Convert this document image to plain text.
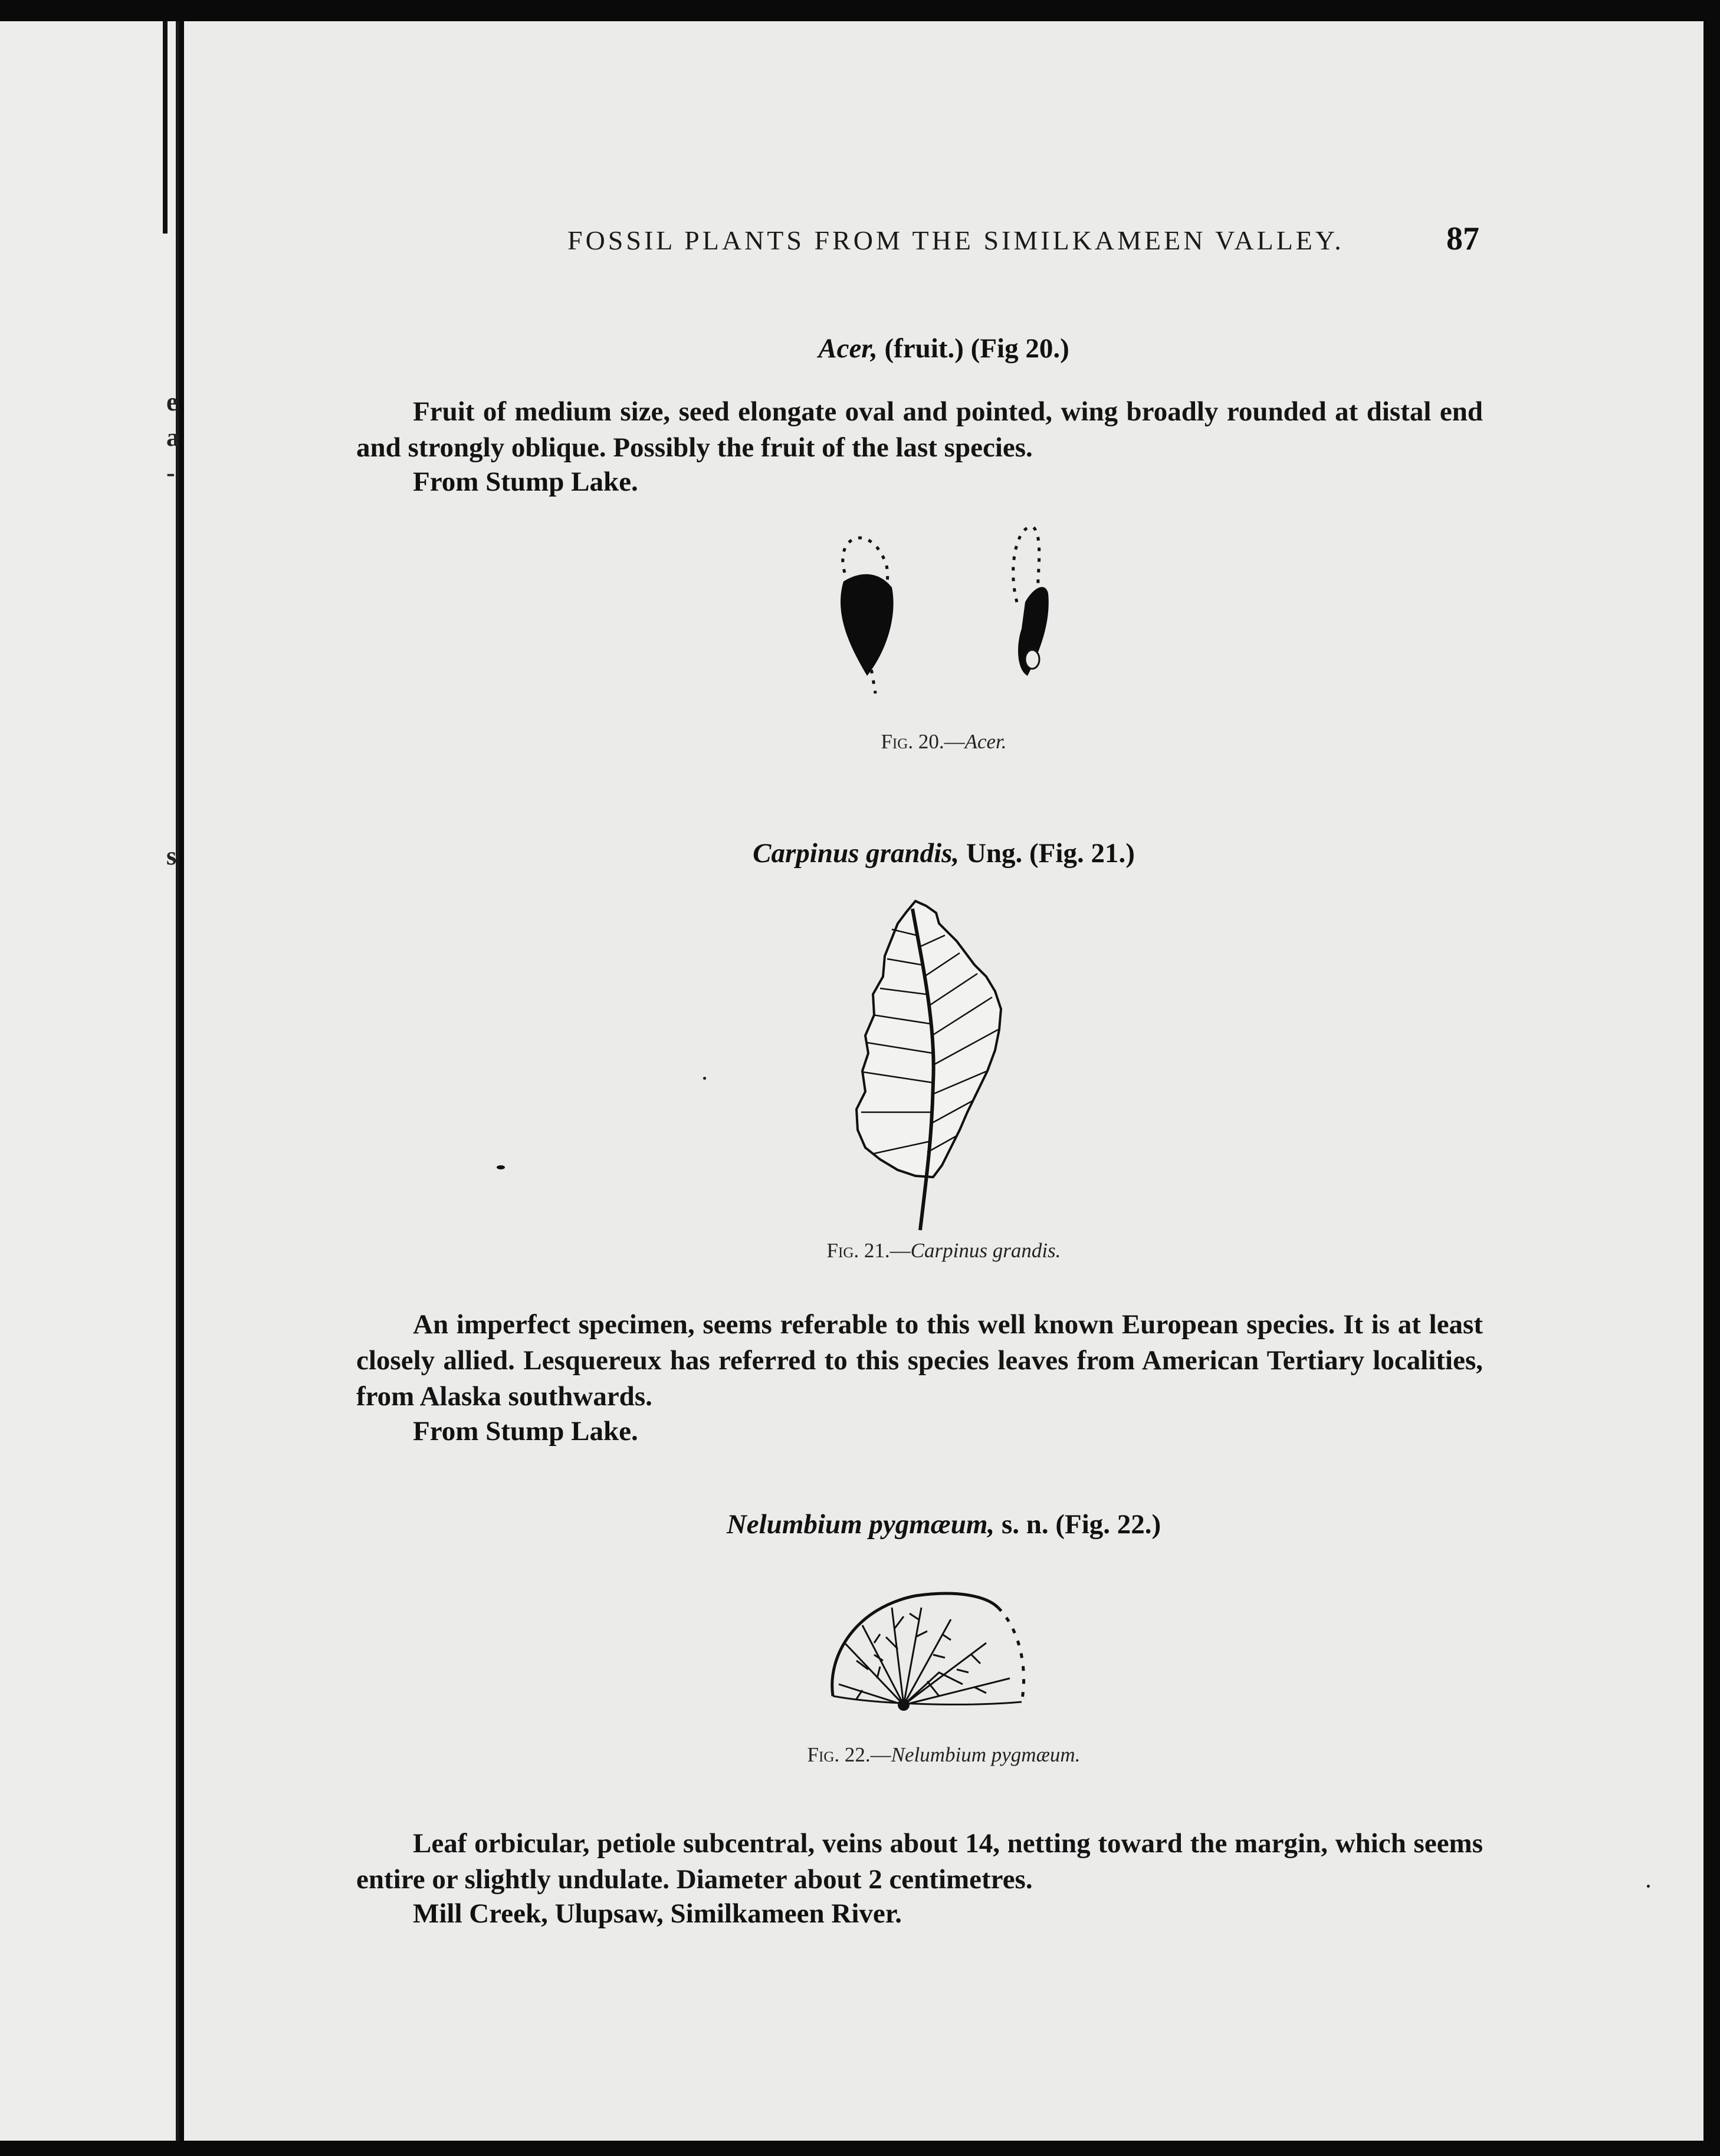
e
a
-
s
FOSSIL PLANTS FROM THE SIMILKAMEEN VALLEY.	87
Acer, (fruit.) (Fig 20.)
Fruit of medium size, seed elongate oval and pointed, wing broadly rounded at distal end and strongly oblique. Possibly the fruit of the last species.
From Stump Lake.
Fig. 20.—Acer.
Carpinus grandis, Ung. (Fig. 21.)
Fig. 21.—Carpinus grandis.
An imperfect specimen, seems referable to this well known European species. It is at least closely allied. Lesquereux has referred to this species leaves from American Tertiary localities, from Alaska southwards.
From Stump Lake.
Nelumbium pygmæum, s. n. (Fig. 22.)
Fig. 22.—Nelumbium pygmæum.
Leaf orbicular, petiole subcentral, veins about 14, netting toward the margin, which seems entire or slightly undulate. Diameter about 2 centimetres.
Mill Creek, Ulupsaw, Similkameen River.
